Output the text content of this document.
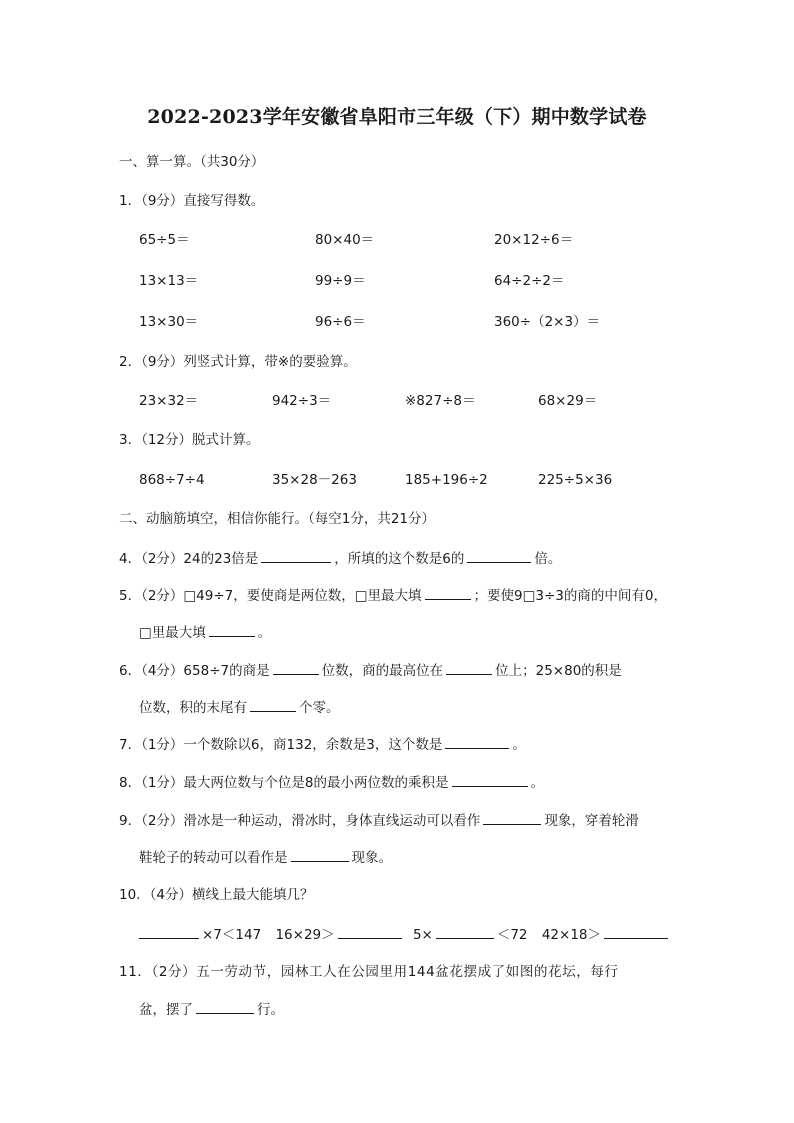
2022-2023学年安徽省阜阳市三年级（下）期中数学试卷
一、算一算。（共30分）
1．（9分）直接写得数。
65÷5＝	80×40＝	20×12÷6＝
13×13＝	99÷9＝	64÷2÷2＝
13×30＝	96÷6＝	360÷（2×3）＝
2．（9分）列竖式计算，带※的要验算。
23×32＝	942÷3＝	※827÷8＝	68×29＝
3．（12分）脱式计算。
868÷7÷4	35×28－263	185+196÷2	225÷5×36
二、动脑筋填空，相信你能行。（每空1分，共21分）
4．（2分）24的23倍是	，所填的这个数是6的	倍。
5．（2分）□49÷7，要使商是两位数，□里最大填	；要使9□3÷3的商的中间有0，
□里最大填	。
6．（4分）658÷7的商是	位数，商的最高位在	位上；25×80的积是
位数，积的末尾有	个零。
7．（1分）一个数除以6，商132，余数是3，这个数是	。
8．（1分）最大两位数与个位是8的最小两位数的乘积是	。
9．（2分）滑冰是一种运动，滑冰时，身体直线运动可以看作	现象，穿着轮滑
鞋轮子的转动可以看作是	现象。
10．（4分）横线上最大能填几？
×7＜147 16×29＞	5×	＜72 42×18＞
11．（2分）五一劳动节，园林工人在公园里用144盆花摆成了如图的花坛，每行
盆，摆了	行。
